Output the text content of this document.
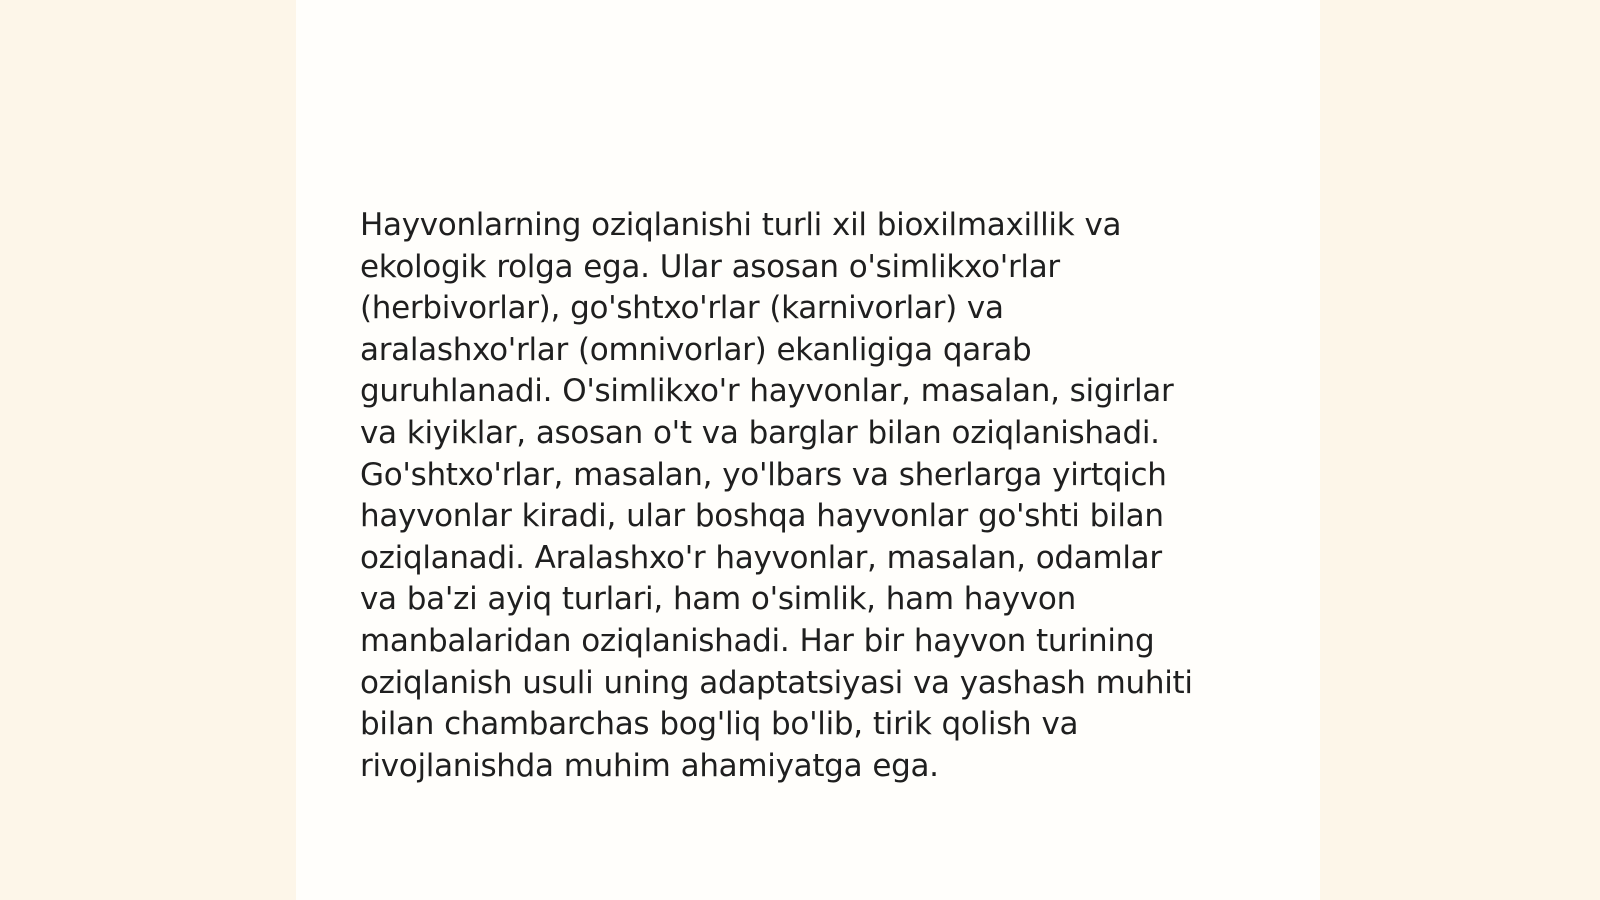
Hayvonlarning oziqlanishi turli xil bioxilmaxillik va
ekologik rolga ega. Ular asosan o'simlikxo'rlar
(herbivorlar), go'shtxo'rlar (karnivorlar) va
aralashxo'rlar (omnivorlar) ekanligiga qarab
guruhlanadi. O'simlikxo'r hayvonlar, masalan, sigirlar
va kiyiklar, asosan o't va barglar bilan oziqlanishadi.
Go'shtxo'rlar, masalan, yo'lbars va sherlarga yirtqich
hayvonlar kiradi, ular boshqa hayvonlar go'shti bilan
oziqlanadi. Aralashxo'r hayvonlar, masalan, odamlar
va ba'zi ayiq turlari, ham o'simlik, ham hayvon
manbalaridan oziqlanishadi. Har bir hayvon turining
oziqlanish usuli uning adaptatsiyasi va yashash muhiti
bilan chambarchas bog'liq bo'lib, tirik qolish va
rivojlanishda muhim ahamiyatga ega.
